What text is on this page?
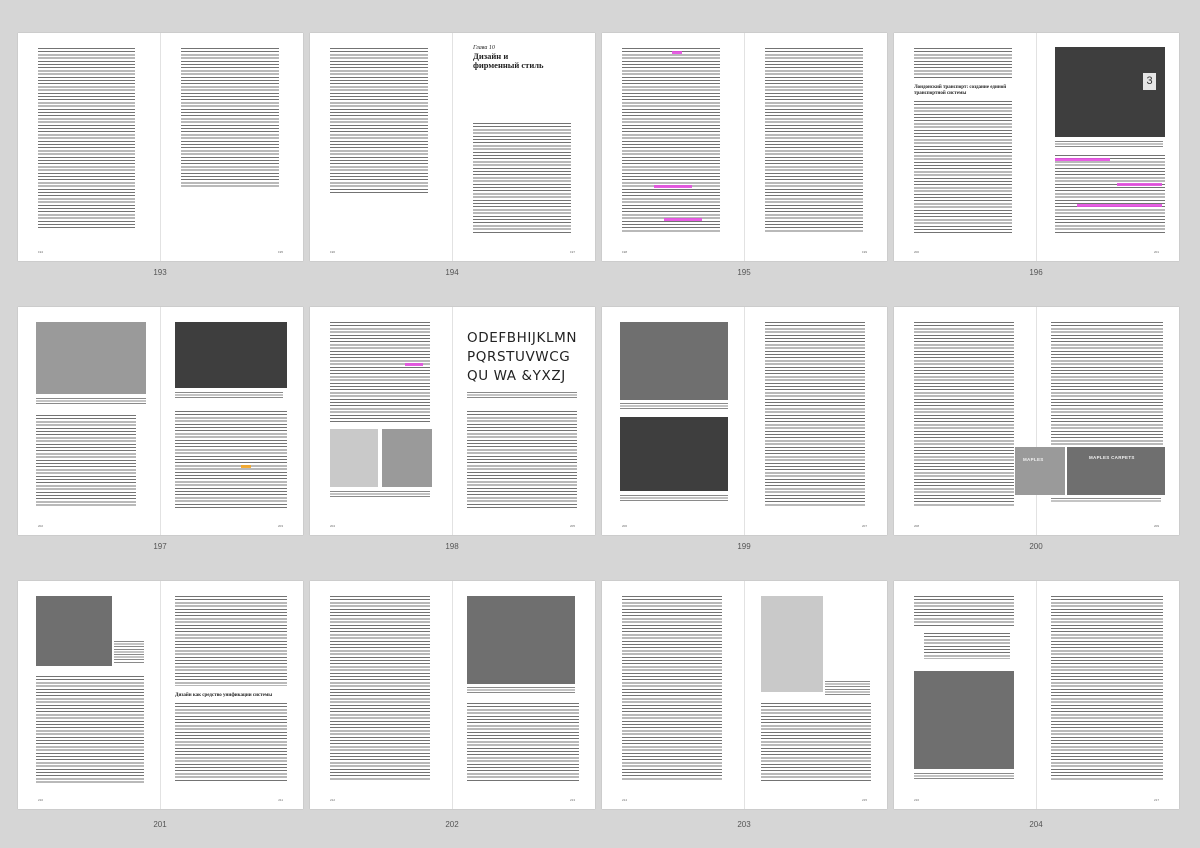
194	195
193
196
Глава 10
Дизайн и фирменный стиль
197
194
198	199
195
Лондонский транспорт: создание единой транспортной системы
200
3
201
196
202	203
197
204
ODEFBHIJKLMN
PQRSTUVWCG
QU WA &YXZJ
205
198
206	207
199
208
MAPLES	MAPLES CARPETS
209
200
210
Дизайн как средство унификации системы
211
201
212	213
202
214	215
203
216	217
204
